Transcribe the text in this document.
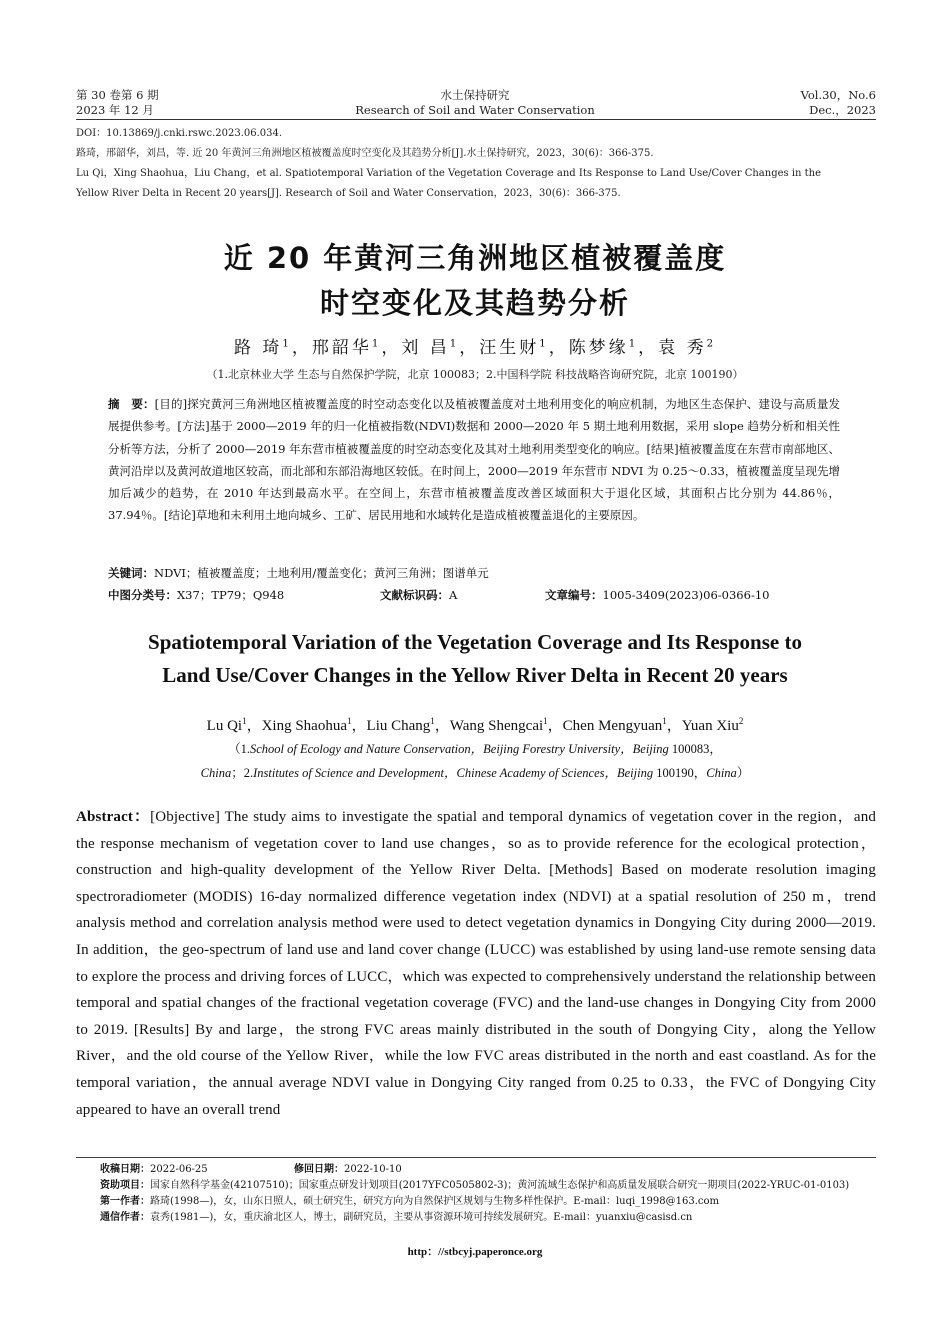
第 30 卷第 6 期
2023 年 12 月
水土保持研究
Research of Soil and Water Conservation
Vol.30，No.6
Dec.，2023
DOI：10.13869/j.cnki.rswc.2023.06.034.
路琦，邢韶华，刘昌，等. 近 20 年黄河三角洲地区植被覆盖度时空变化及其趋势分析[J].水土保持研究，2023，30(6)：366-375.
Lu Qi，Xing Shaohua，Liu Chang，et al. Spatiotemporal Variation of the Vegetation Coverage and Its Response to Land Use/Cover Changes in the
Yellow River Delta in Recent 20 years[J]. Research of Soil and Water Conservation，2023，30(6)：366-375.
近 20 年黄河三角洲地区植被覆盖度
时空变化及其趋势分析
路 琦$^1$，邢韶华$^1$，刘 昌$^1$，汪生财$^1$，陈梦缘$^1$，袁 秀$^2$
（1.北京林业大学 生态与自然保护学院，北京 100083；2.中国科学院 科技战略咨询研究院，北京 100190）
摘　要：[目的]探究黄河三角洲地区植被覆盖度的时空动态变化以及植被覆盖度对土地利用变化的响应机制，为地区生态保护、建设与高质量发展提供参考。[方法]基于 2000—2019 年的归一化植被指数(NDVI)数据和 2000—2020 年 5 期土地利用数据，采用 slope 趋势分析和相关性分析等方法，分析了 2000—2019 年东营市植被覆盖度的时空动态变化及其对土地利用类型变化的响应。[结果]植被覆盖度在东营市南部地区、黄河沿岸以及黄河故道地区较高，而北部和东部沿海地区较低。在时间上，2000—2019 年东营市 NDVI 为 0.25～0.33，植被覆盖度呈现先增加后减少的趋势，在 2010 年达到最高水平。在空间上，东营市植被覆盖度改善区域面积大于退化区域，其面积占比分别为 44.86％，37.94％。[结论]草地和未利用土地向城乡、工矿、居民用地和水域转化是造成植被覆盖退化的主要原因。
关键词：NDVI；植被覆盖度；土地利用/覆盖变化；黄河三角洲；图谱单元
中图分类号：X37；TP79；Q948	文献标识码：A	文章编号：1005-3409(2023)06-0366-10
Spatiotemporal Variation of the Vegetation Coverage and Its Response to
Land Use/Cover Changes in the Yellow River Delta in Recent 20 years
Lu Qi$^1$，Xing Shaohua$^1$，Liu Chang$^1$，Wang Shengcai$^1$，Chen Mengyuan$^1$，Yuan Xiu$^2$
（1.School of Ecology and Nature Conservation，Beijing Forestry University，Beijing 100083，
China；2.Institutes of Science and Development，Chinese Academy of Sciences，Beijing 100190，China）
Abstract：[Objective] The study aims to investigate the spatial and temporal dynamics of vegetation cover in the region，and the response mechanism of vegetation cover to land use changes，so as to provide reference for the ecological protection，construction and high-quality development of the Yellow River Delta. [Methods] Based on moderate resolution imaging spectroradiometer (MODIS) 16-day normalized difference vegetation index (NDVI) at a spatial resolution of 250 m，trend analysis method and correlation analysis method were used to detect vegetation dynamics in Dongying City during 2000—2019. In addition，the geo-spectrum of land use and land cover change (LUCC) was established by using land-use remote sensing data to explore the process and driving forces of LUCC，which was expected to comprehensively understand the relationship between temporal and spatial changes of the fractional vegetation coverage (FVC) and the land-use changes in Dongying City from 2000 to 2019. [Results] By and large，the strong FVC areas mainly distributed in the south of Dongying City，along the Yellow River，and the old course of the Yellow River，while the low FVC areas distributed in the north and east coastland. As for the temporal variation，the annual average NDVI value in Dongying City ranged from 0.25 to 0.33，the FVC of Dongying City appeared to have an overall trend
收稿日期：2022-06-25	修回日期：2022-10-10
资助项目：国家自然科学基金(42107510)；国家重点研发计划项目(2017YFC0505802-3)；黄河流域生态保护和高质量发展联合研究一期项目(2022-YRUC-01-0103)
第一作者：路琦(1998—)，女，山东日照人，硕士研究生，研究方向为自然保护区规划与生物多样性保护。E-mail：luqi_1998@163.com
通信作者：袁秀(1981—)，女，重庆渝北区人，博士，副研究员，主要从事资源环境可持续发展研究。E-mail：yuanxiu@casisd.cn
http：//stbcyj.paperonce.org
